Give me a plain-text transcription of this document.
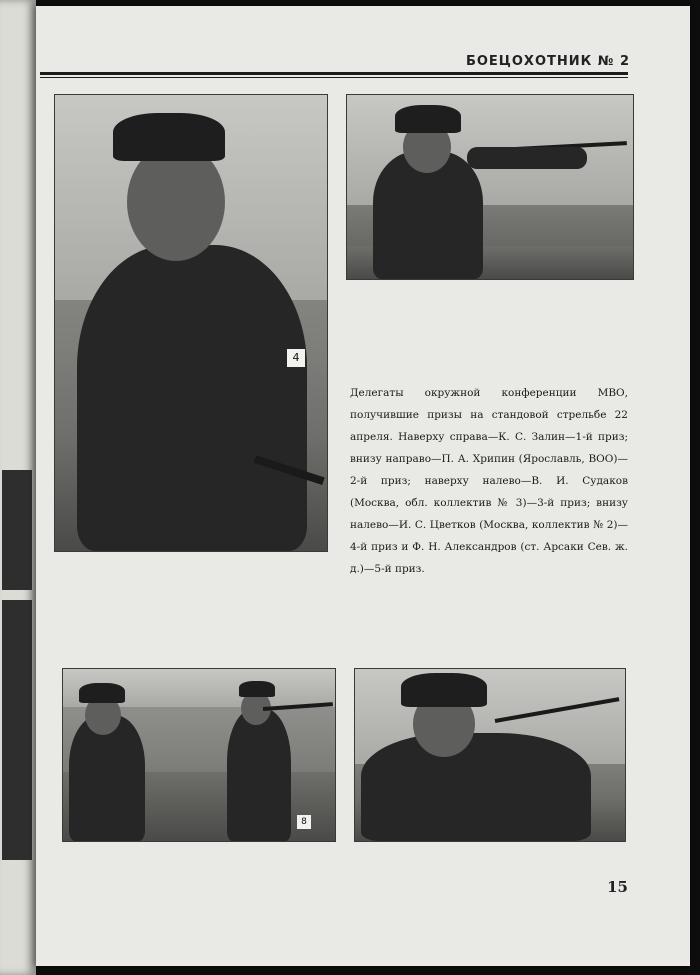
БОЕЦОХОТНИК № 2
4
Делегаты окружной конференции МВО, получившие призы на стандовой стрельбе 22 апреля. Наверху справа—К. С. Залин—1-й приз; внизу направо—П. А. Хрипин (Ярославль, ВОО)—2-й приз; наверху налево—В. И. Судаков (Москва, обл. коллектив № 3)—3-й приз; внизу налево—И. С. Цветков (Москва, коллектив № 2)—4-й приз и Ф. Н. Александров (ст. Арсаки Сев. ж. д.)—5-й приз.
8
15
